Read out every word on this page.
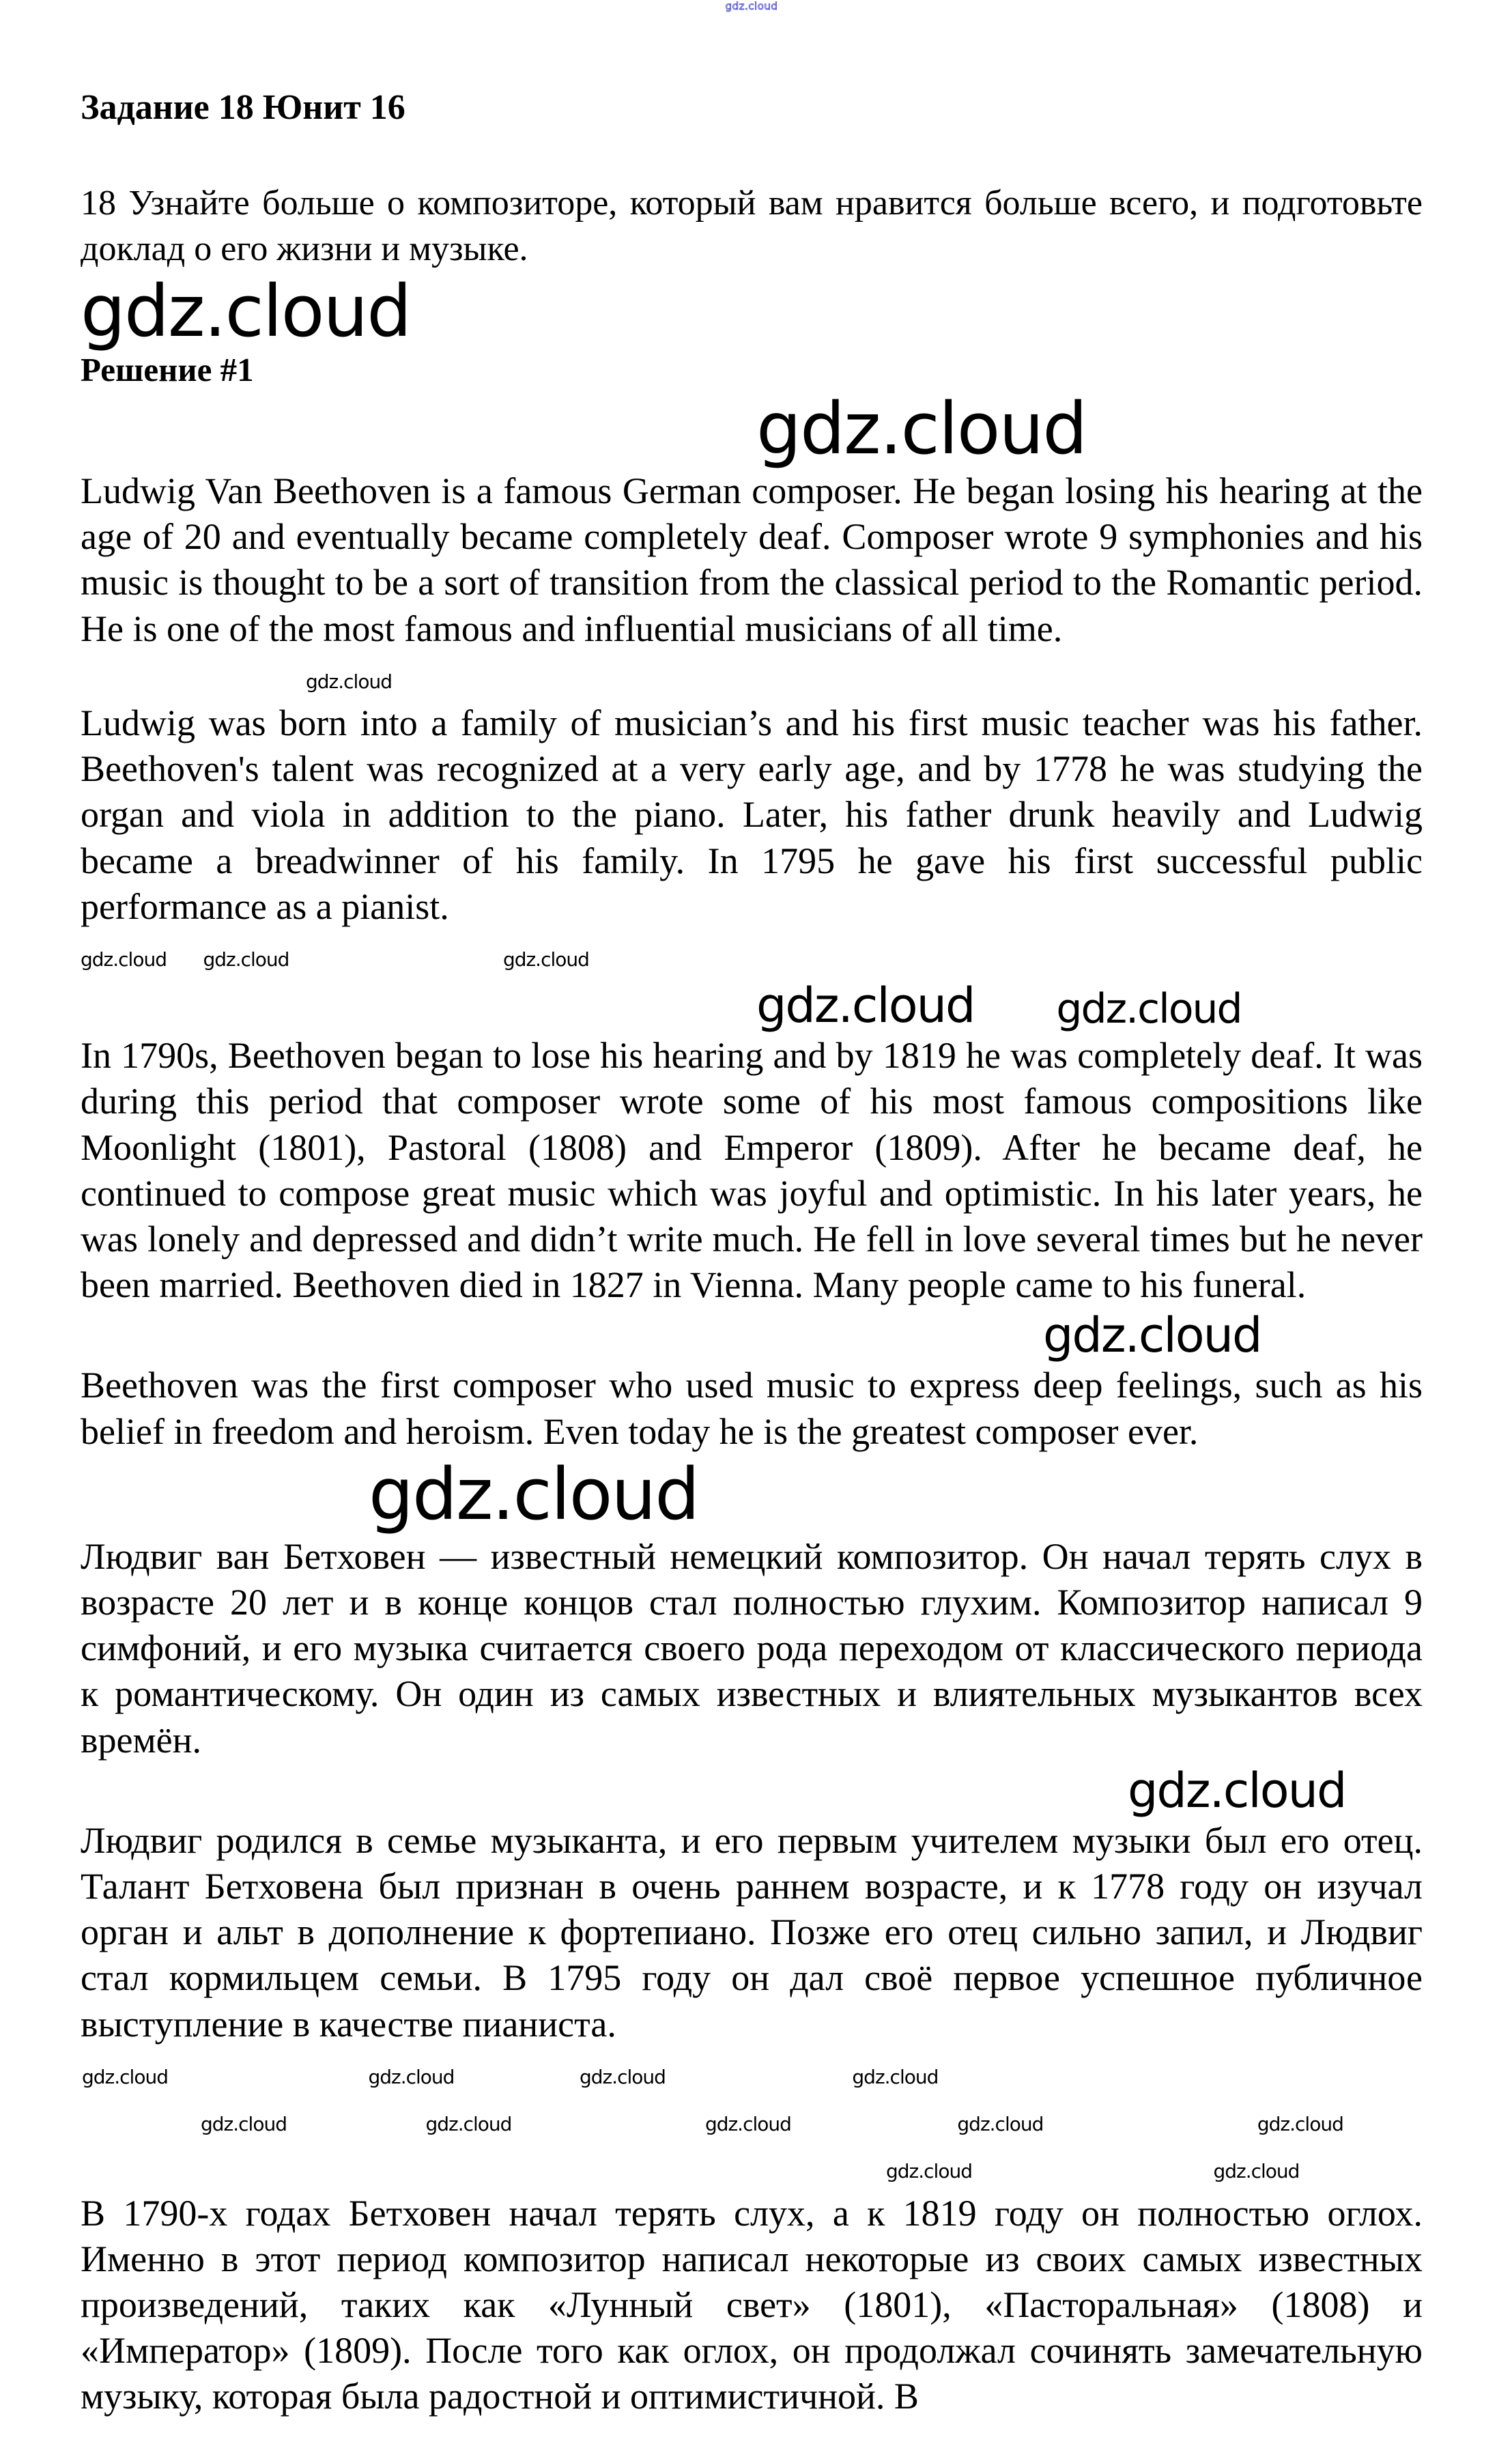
gdz.cloud
Задание 18 Юнит 16
18 Узнайте больше о композиторе, который вам нравится больше всего, и подготовьте доклад о его жизни и музыке.
gdz.cloud
Решение #1
gdz.cloud

Ludwig Van Beethoven is a famous German composer. He began losing his hearing at the age of 20 and eventually became completely deaf. Composer wrote 9 symphonies and his music is thought to be a sort of transition from the classical period to the Romantic period. He is one of the most famous and influential musicians of all time.

gdz.cloud

Ludwig was born into a family of musician’s and his first music teacher was his father. Beethoven's talent was recognized at a very early age, and by 1778 he was studying the organ and viola in addition to the piano. Later, his father drunk heavily and Ludwig became a breadwinner of his family. In 1795 he gave his first successful public performance as a pianist.

gdz.cloud gdz.cloud	gdz.cloud
gdz.cloud gdz.cloud

In 1790s, Beethoven began to lose his hearing and by 1819 he was completely deaf. It was during this period that composer wrote some of his most famous compositions like Moonlight (1801), Pastoral (1808) and Emperor (1809). After he became deaf, he continued to compose great music which was joyful and optimistic. In his later years, he was lonely and depressed and didn’t write much. He fell in love several times but he never been married. Beethoven died in 1827 in Vienna. Many people came to his funeral.

gdz.cloud

Beethoven was the first composer who used music to express deep feelings, such as his belief in freedom and heroism. Even today he is the greatest composer ever.

gdz.cloud

Людвиг ван Бетховен — известный немецкий композитор. Он начал терять слух в возрасте 20 лет и в конце концов стал полностью глухим. Композитор написал 9 симфоний, и его музыка считается своего рода переходом от классического периода к романтическому. Он один из самых известных и влиятельных музыкантов всех времён.

gdz.cloud

Людвиг родился в семье музыканта, и его первым учителем музыки был его отец. Талант Бетховена был признан в очень раннем возрасте, и к 1778 году он изучал орган и альт в дополнение к фортепиано. Позже его отец сильно запил, и Людвиг стал кормильцем семьи. В 1795 году он дал своё первое успешное публичное выступление в качестве пианиста.

gdz.cloud	gdz.cloud	gdz.cloud	gdz.cloud
gdz.cloud	gdz.cloud	gdz.cloud	gdz.cloud	gdz.cloud
gdz.cloud	gdz.cloud

В 1790-х годах Бетховен начал терять слух, а к 1819 году он полностью оглох. Именно в этот период композитор написал некоторые из своих самых известных произведений, таких как «Лунный свет» (1801), «Пасторальная» (1808) и «Император» (1809). После того как оглох, он продолжал сочинять замечательную музыку, которая была радостной и оптимистичной. В
